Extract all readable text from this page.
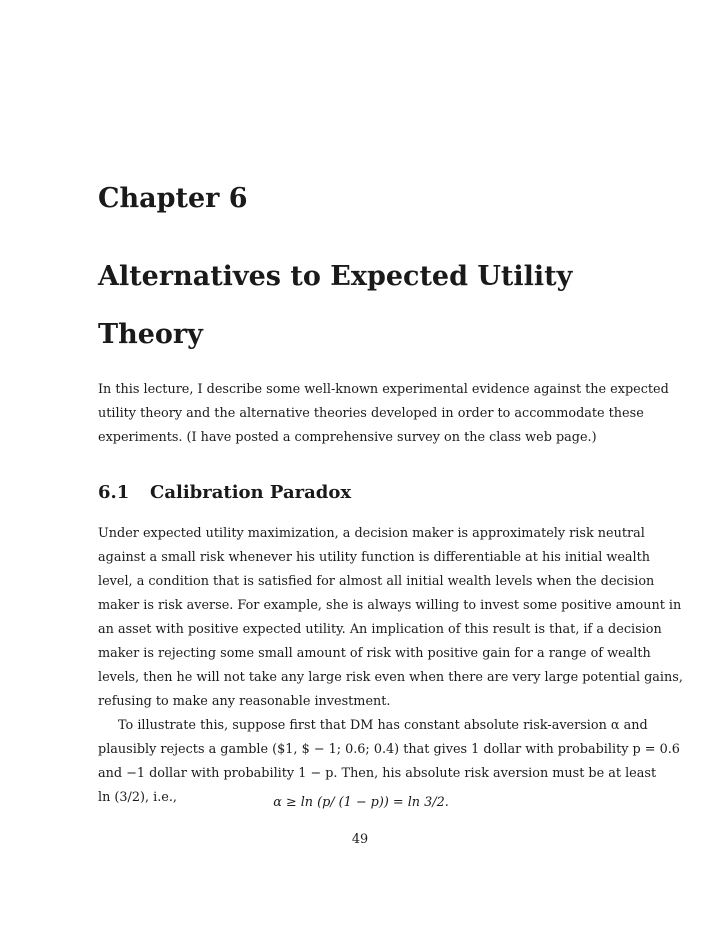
Chapter 6
Alternatives to Expected Utility Theory
In this lecture, I describe some well-known experimental evidence against the expected
utility theory and the alternative theories developed in order to accommodate these
experiments. (I have posted a comprehensive survey on the class web page.)
6.1 Calibration Paradox
Under expected utility maximization, a decision maker is approximately risk neutral
against a small risk whenever his utility function is differentiable at his initial wealth
level, a condition that is satisfied for almost all initial wealth levels when the decision
maker is risk averse. For example, she is always willing to invest some positive amount in
an asset with positive expected utility. An implication of this result is that, if a decision
maker is rejecting some small amount of risk with positive gain for a range of wealth
levels, then he will not take any large risk even when there are very large potential gains,
refusing to make any reasonable investment.
To illustrate this, suppose first that DM has constant absolute risk-aversion α and
plausibly rejects a gamble ($1, $ − 1; 0.6; 0.4) that gives 1 dollar with probability p = 0.6
and −1 dollar with probability 1 − p. Then, his absolute risk aversion must be at least
ln (3/2), i.e.,	α ≥ ln (p/ (1 − p)) = ln 3/2.
49
